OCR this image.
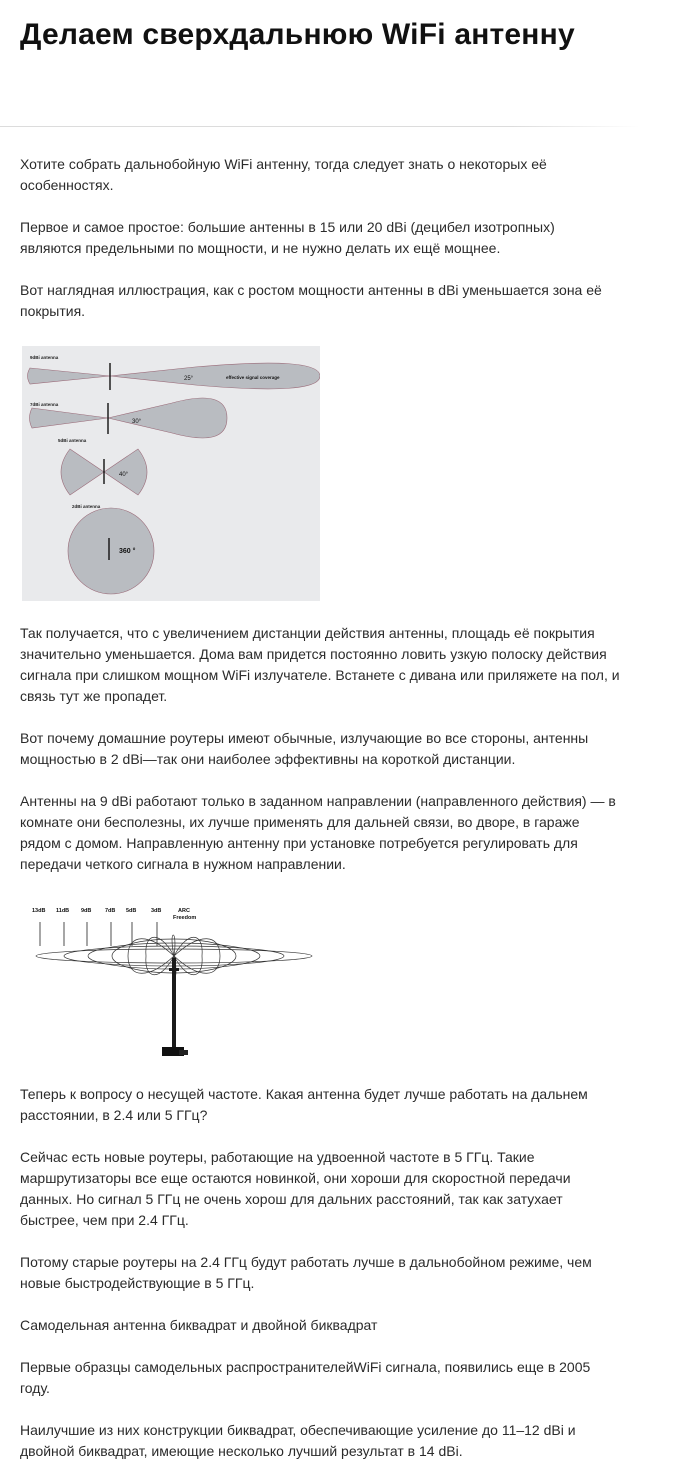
Делаем сверхдальнюю WiFi антенну

Хотите собрать дальнобойную WiFi антенну, тогда следует знать о некоторых её особенностях.

Первое и самое простое: большие антенны в 15 или 20 dBi (децибел изотропных) являются предельными по мощности, и не нужно делать их ещё мощнее.

Вот наглядная иллюстрация, как с ростом мощности антенны в dBi уменьшается зона её покрытия.

9dBi antenna
25°	effective signal coverage
7dBi antenna
30°
5dBi antenna
40°
2dBi antenna
360 °

Так получается, что с увеличением дистанции действия антенны, площадь её покрытия значительно уменьшается. Дома вам придется постоянно ловить узкую полоску действия сигнала при слишком мощном WiFi излучателе. Встанете с дивана или приляжете на пол, и связь тут же пропадет.

Вот почему домашние роутеры имеют обычные, излучающие во все стороны, антенны мощностью в 2 dBi—так они наиболее эффективны на короткой дистанции.

Антенны на 9 dBi работают только в заданном направлении (направленного действия) — в комнате они бесполезны, их лучше применять для дальней связи, во дворе, в гараже рядом с домом. Направленную антенну при установке потребуется регулировать для передачи четкого сигнала в нужном направлении.

13dB 11dB 9dB 7dB 5dB	3dB	ARC
Freedom

Теперь к вопросу о несущей частоте. Какая антенна будет лучше работать на дальнем расстоянии, в 2.4 или 5 ГГц?

Сейчас есть новые роутеры, работающие на удвоенной частоте в 5 ГГц. Такие маршрутизаторы все еще остаются новинкой, они хороши для скоростной передачи данных. Но сигнал 5 ГГц не очень хорош для дальних расстояний, так как затухает быстрее, чем при 2.4 ГГц.

Потому старые роутеры на 2.4 ГГц будут работать лучше в дальнобойном режиме, чем новые быстродействующие в 5 ГГц.

Самодельная антенна биквадрат и двойной биквадрат

Первые образцы самодельных распространителейWiFi сигнала, появились еще в 2005 году.

Наилучшие из них конструкции биквадрат, обеспечивающие усиление до 11–12 dBi и двойной биквадрат, имеющие несколько лучший результат в 14 dBi.
